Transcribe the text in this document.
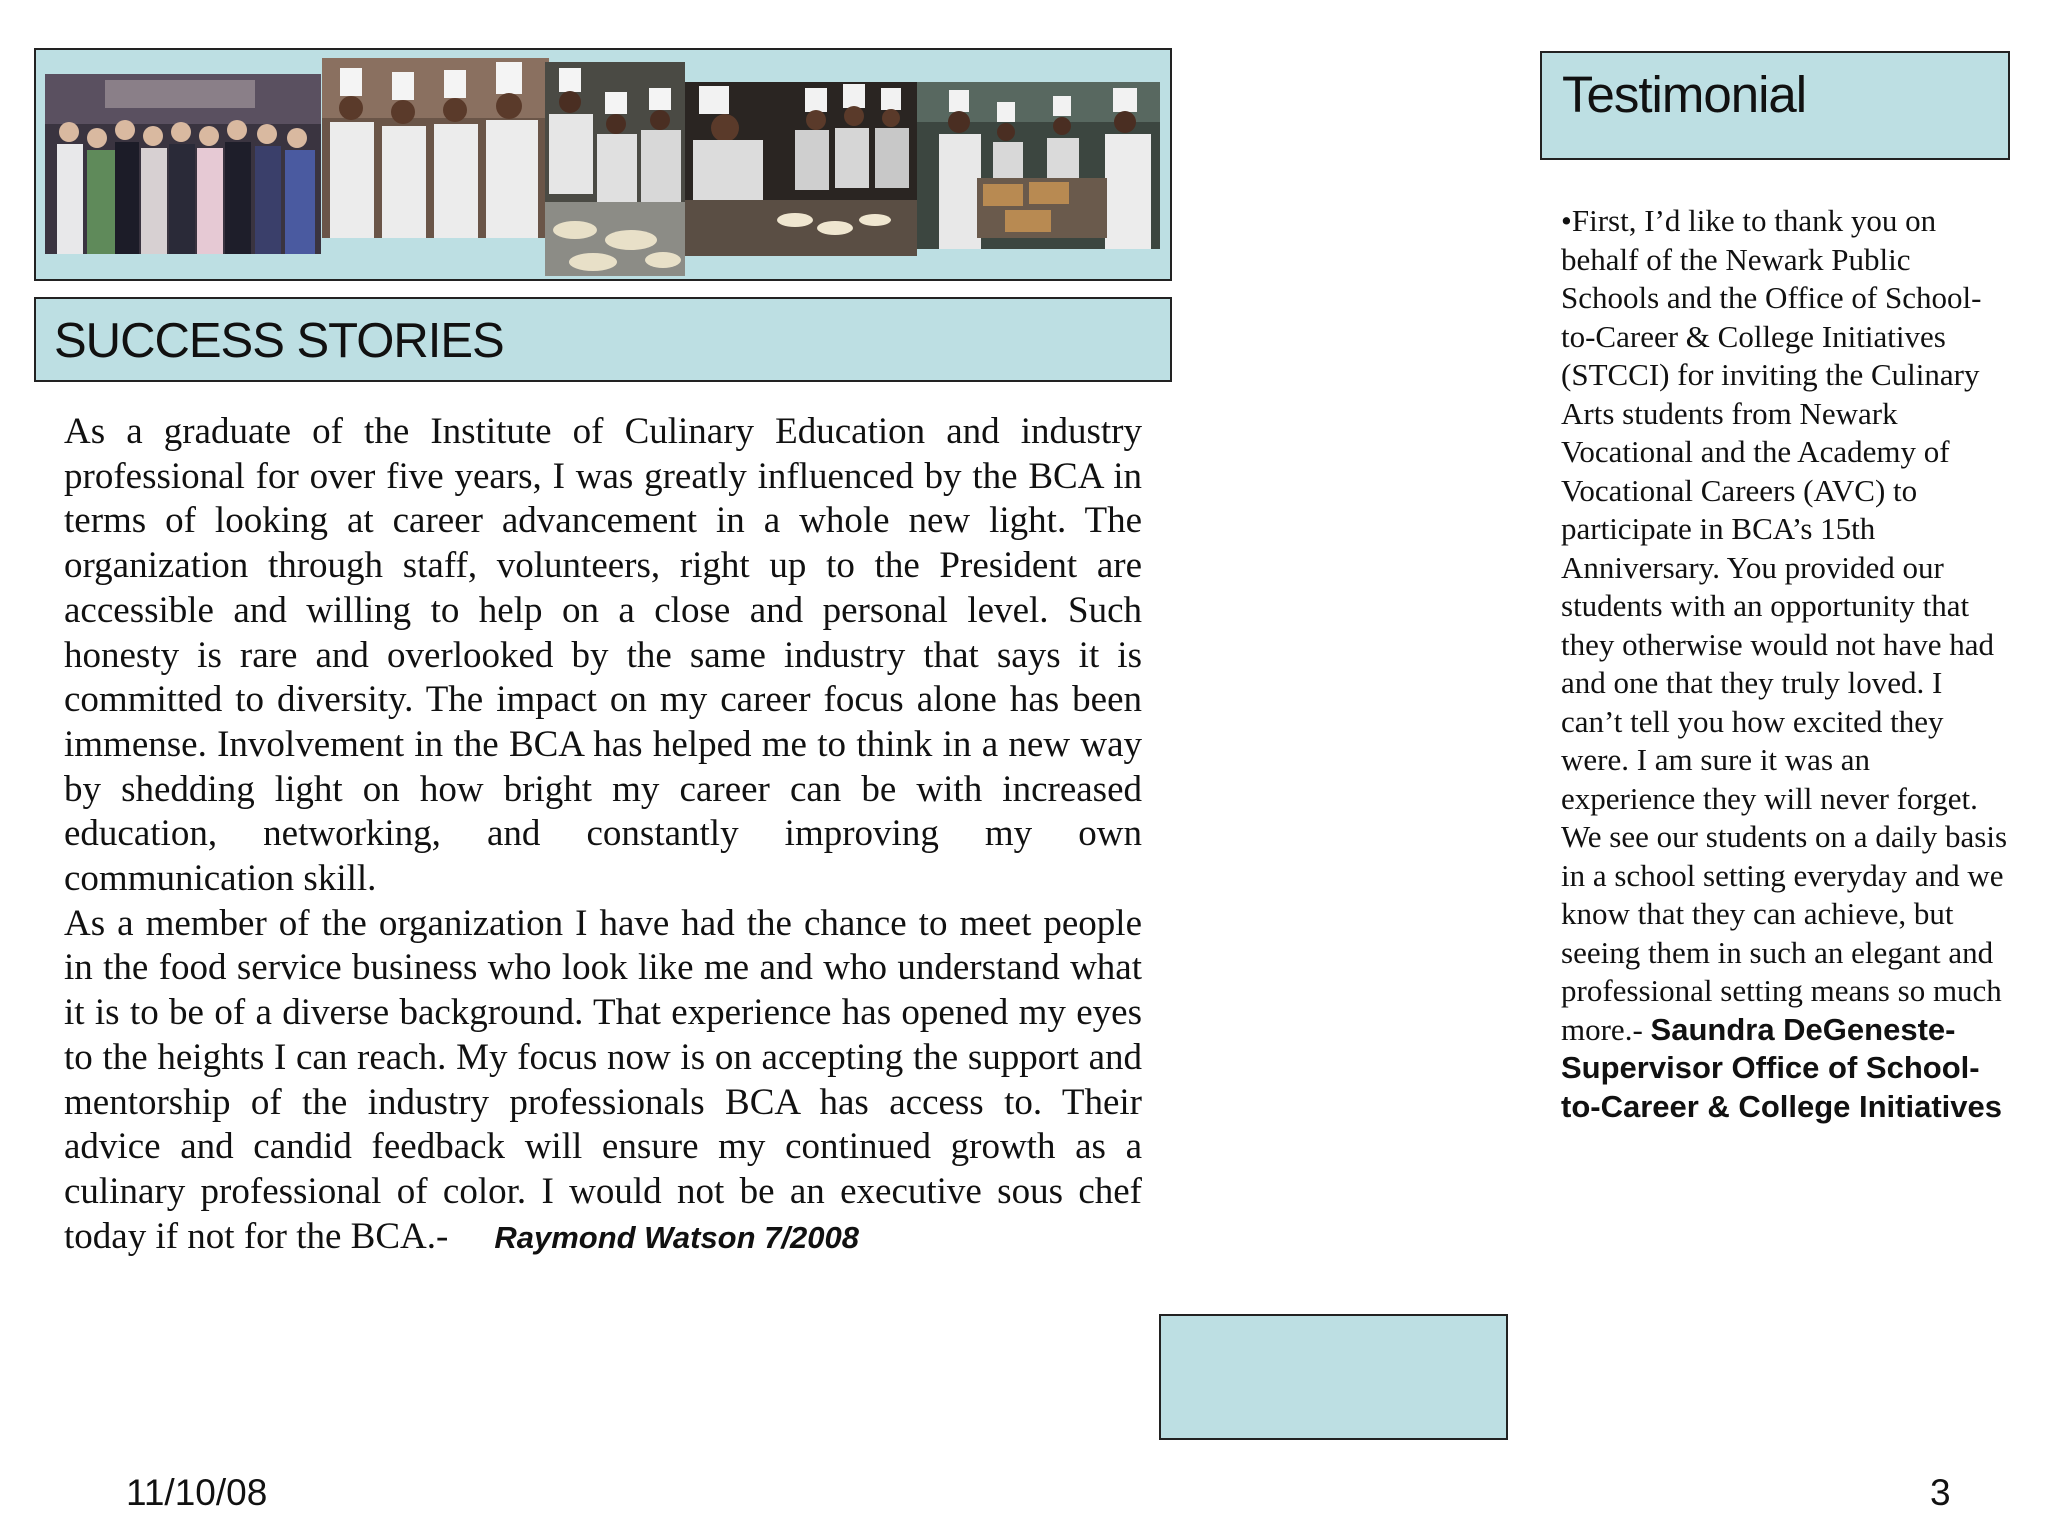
SUCCESS STORIES

As a graduate of the Institute of Culinary Education and industry professional for over five years, I was greatly influenced by the BCA in terms of looking at career advancement in a whole new light. The organization through staff, volunteers, right up to the President are accessible and willing to help on a close and personal level. Such honesty is rare and overlooked by the same industry that says it is committed to diversity. The impact on my career focus alone has been immense. Involvement in the BCA has helped me to think in a new way by shedding light on how bright my career can be with increased education, networking, and constantly improving my own communication skill.

As a member of the organization I have had the chance to meet people in the food service business who look like me and who understand what it is to be of a diverse background. That experience has opened my eyes to the heights I can reach. My focus now is on accepting the support and mentorship of the industry professionals BCA has access to. Their advice and candid feedback will ensure my continued growth as a culinary professional of color. I would not be an executive sous chef today if not for the BCA.- Raymond Watson 7/2008

Testimonial
•First, I’d like to thank you on behalf of the Newark Public Schools and the Office of School-to-Career & College Initiatives (STCCI) for inviting the Culinary Arts students from Newark Vocational and the Academy of Vocational Careers (AVC) to participate in BCA’s 15th Anniversary. You provided our students with an opportunity that they otherwise would not have had and one that they truly loved. I can’t tell you how excited they were. I am sure it was an experience they will never forget. We see our students on a daily basis in a school setting everyday and we know that they can achieve, but seeing them in such an elegant and professional setting means so much more.- Saundra DeGeneste-Supervisor Office of School-to-Career & College Initiatives
11/10/08	3
